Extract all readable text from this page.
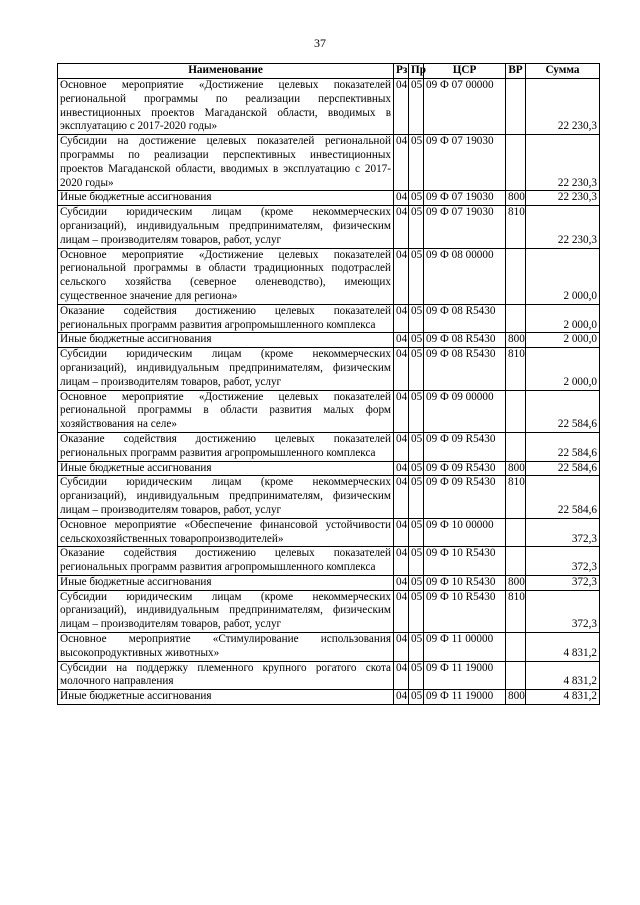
37
Наименование	Рз	Пр	ЦСР	ВР	Сумма
Основное мероприятие «Достижение целевых показателей региональной программы по реализации перспективных инвестиционных проектов Магаданской области, вводимых в эксплуатацию с 2017-2020 годы»	04	05	09 Ф 07 00000		22 230,3
Субсидии на достижение целевых показателей региональной программы по реализации перспективных инвестиционных проектов Магаданской области, вводимых в эксплуатацию с 2017-2020 годы»	04	05	09 Ф 07 19030		22 230,3
Иные бюджетные ассигнования	04	05	09 Ф 07 19030	800	22 230,3
Субсидии юридическим лицам (кроме некоммерческих организаций), индивидуальным предпринимателям, физическим лицам – производителям товаров, работ, услуг	04	05	09 Ф 07 19030	810	22 230,3
Основное мероприятие «Достижение целевых показателей региональной программы в области традиционных подотраслей сельского хозяйства (северное оленеводство), имеющих существенное значение для региона»	04	05	09 Ф 08 00000		2 000,0
Оказание содействия достижению целевых показателей региональных программ развития агропромышленного комплекса	04	05	09 Ф 08 R5430		2 000,0
Иные бюджетные ассигнования	04	05	09 Ф 08 R5430	800	2 000,0
Субсидии юридическим лицам (кроме некоммерческих организаций), индивидуальным предпринимателям, физическим лицам – производителям товаров, работ, услуг	04	05	09 Ф 08 R5430	810	2 000,0
Основное мероприятие «Достижение целевых показателей региональной программы в области развития малых форм хозяйствования на селе»	04	05	09 Ф 09 00000		22 584,6
Оказание содействия достижению целевых показателей региональных программ развития агропромышленного комплекса	04	05	09 Ф 09 R5430		22 584,6
Иные бюджетные ассигнования	04	05	09 Ф 09 R5430	800	22 584,6
Субсидии юридическим лицам (кроме некоммерческих организаций), индивидуальным предпринимателям, физическим лицам – производителям товаров, работ, услуг	04	05	09 Ф 09 R5430	810	22 584,6
Основное мероприятие «Обеспечение финансовой устойчивости сельскохозяйственных товаропроизводителей»	04	05	09 Ф 10 00000		372,3
Оказание содействия достижению целевых показателей региональных программ развития агропромышленного комплекса	04	05	09 Ф 10 R5430		372,3
Иные бюджетные ассигнования	04	05	09 Ф 10 R5430	800	372,3
Субсидии юридическим лицам (кроме некоммерческих организаций), индивидуальным предпринимателям, физическим лицам – производителям товаров, работ, услуг	04	05	09 Ф 10 R5430	810	372,3
Основное мероприятие «Стимулирование использования высокопродуктивных животных»	04	05	09 Ф 11 00000		4 831,2
Субсидии на поддержку племенного крупного рогатого скота молочного направления	04	05	09 Ф 11 19000		4 831,2
Иные бюджетные ассигнования	04	05	09 Ф 11 19000	800	4 831,2
